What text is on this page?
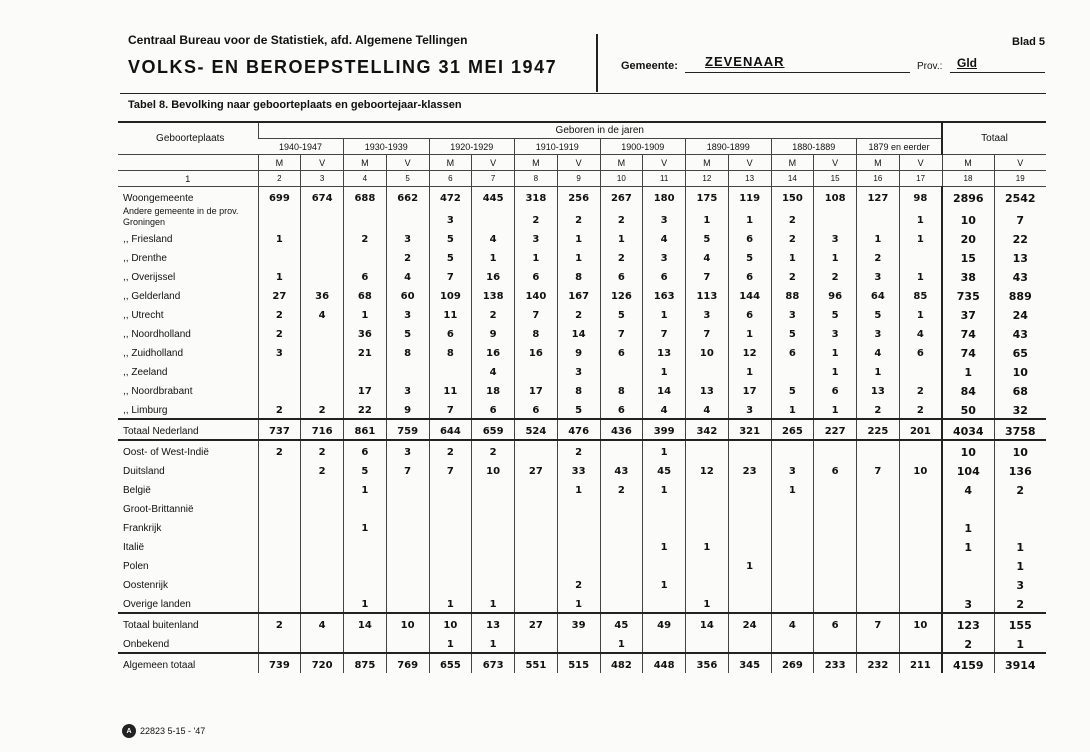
Centraal Bureau voor de Statistiek, afd. Algemene Tellingen
VOLKS- EN BEROEPSTELLING 31 MEI 1947
Blad 5
Gemeente: ZEVENAAR	Prov.: Gld
Tabel 8. Bevolking naar geboorteplaats en geboortejaar-klassen
Geboorteplaats	Geboren in de jaren																Totaal	
	1940-1947		1930-1939		1920-1929		1910-1919		1900-1909		1890-1899		1880-1889		1879 en eerder			
	M	V	M	V	M	V	M	V	M	V	M	V	M	V	M	V	M	V
1	2	3	4	5	6	7	8	9	10	11	12	13	14	15	16	17	18	19
Woongemeente	699	674	688	662	472	445	318	256	267	180	175	119	150	108	127	98	2896	2542
Andere gemeente in de prov. Groningen					3		2	2	2	3	1	1	2			1	10	7
,, Friesland	1		2	3	5	4	3	1	1	4	5	6	2	3	1	1	20	22
,, Drenthe				2	5	1	1	1	2	3	4	5	1	1	2		15	13
,, Overijssel	1		6	4	7	16	6	8	6	6	7	6	2	2	3	1	38	43
,, Gelderland	27	36	68	60	109	138	140	167	126	163	113	144	88	96	64	85	735	889
,, Utrecht	2	4	1	3	11	2	7	2	5	1	3	6	3	5	5	1	37	24
,, Noordholland	2		36	5	6	9	8	14	7	7	7	1	5	3	3	4	74	43
,, Zuidholland	3		21	8	8	16	16	9	6	13	10	12	6	1	4	6	74	65
,, Zeeland						4		3		1		1		1	1		1	10
,, Noordbrabant			17	3	11	18	17	8	8	14	13	17	5	6	13	2	84	68
,, Limburg	2	2	22	9	7	6	6	5	6	4	4	3	1	1	2	2	50	32
Totaal Nederland	737	716	861	759	644	659	524	476	436	399	342	321	265	227	225	201	4034	3758
Oost- of West-Indië	2	2	6	3	2	2		2		1							10	10
Duitsland		2	5	7	7	10	27	33	43	45	12	23	3	6	7	10	104	136
België			1					1	2	1			1				4	2
Groot-Brittannië																		
Frankrijk			1														1	
Italië										1	1						1	1
Polen												1						1
Oostenrijk								2		1								3
Overige landen			1		1	1		1			1						3	2
Totaal buitenland	2	4	14	10	10	13	27	39	45	49	14	24	4	6	7	10	123	155
Onbekend					1	1			1								2	1
Algemeen totaal	739	720	875	769	655	673	551	515	482	448	356	345	269	233	232	211	4159	3914
A 22823 5-15 - '47
